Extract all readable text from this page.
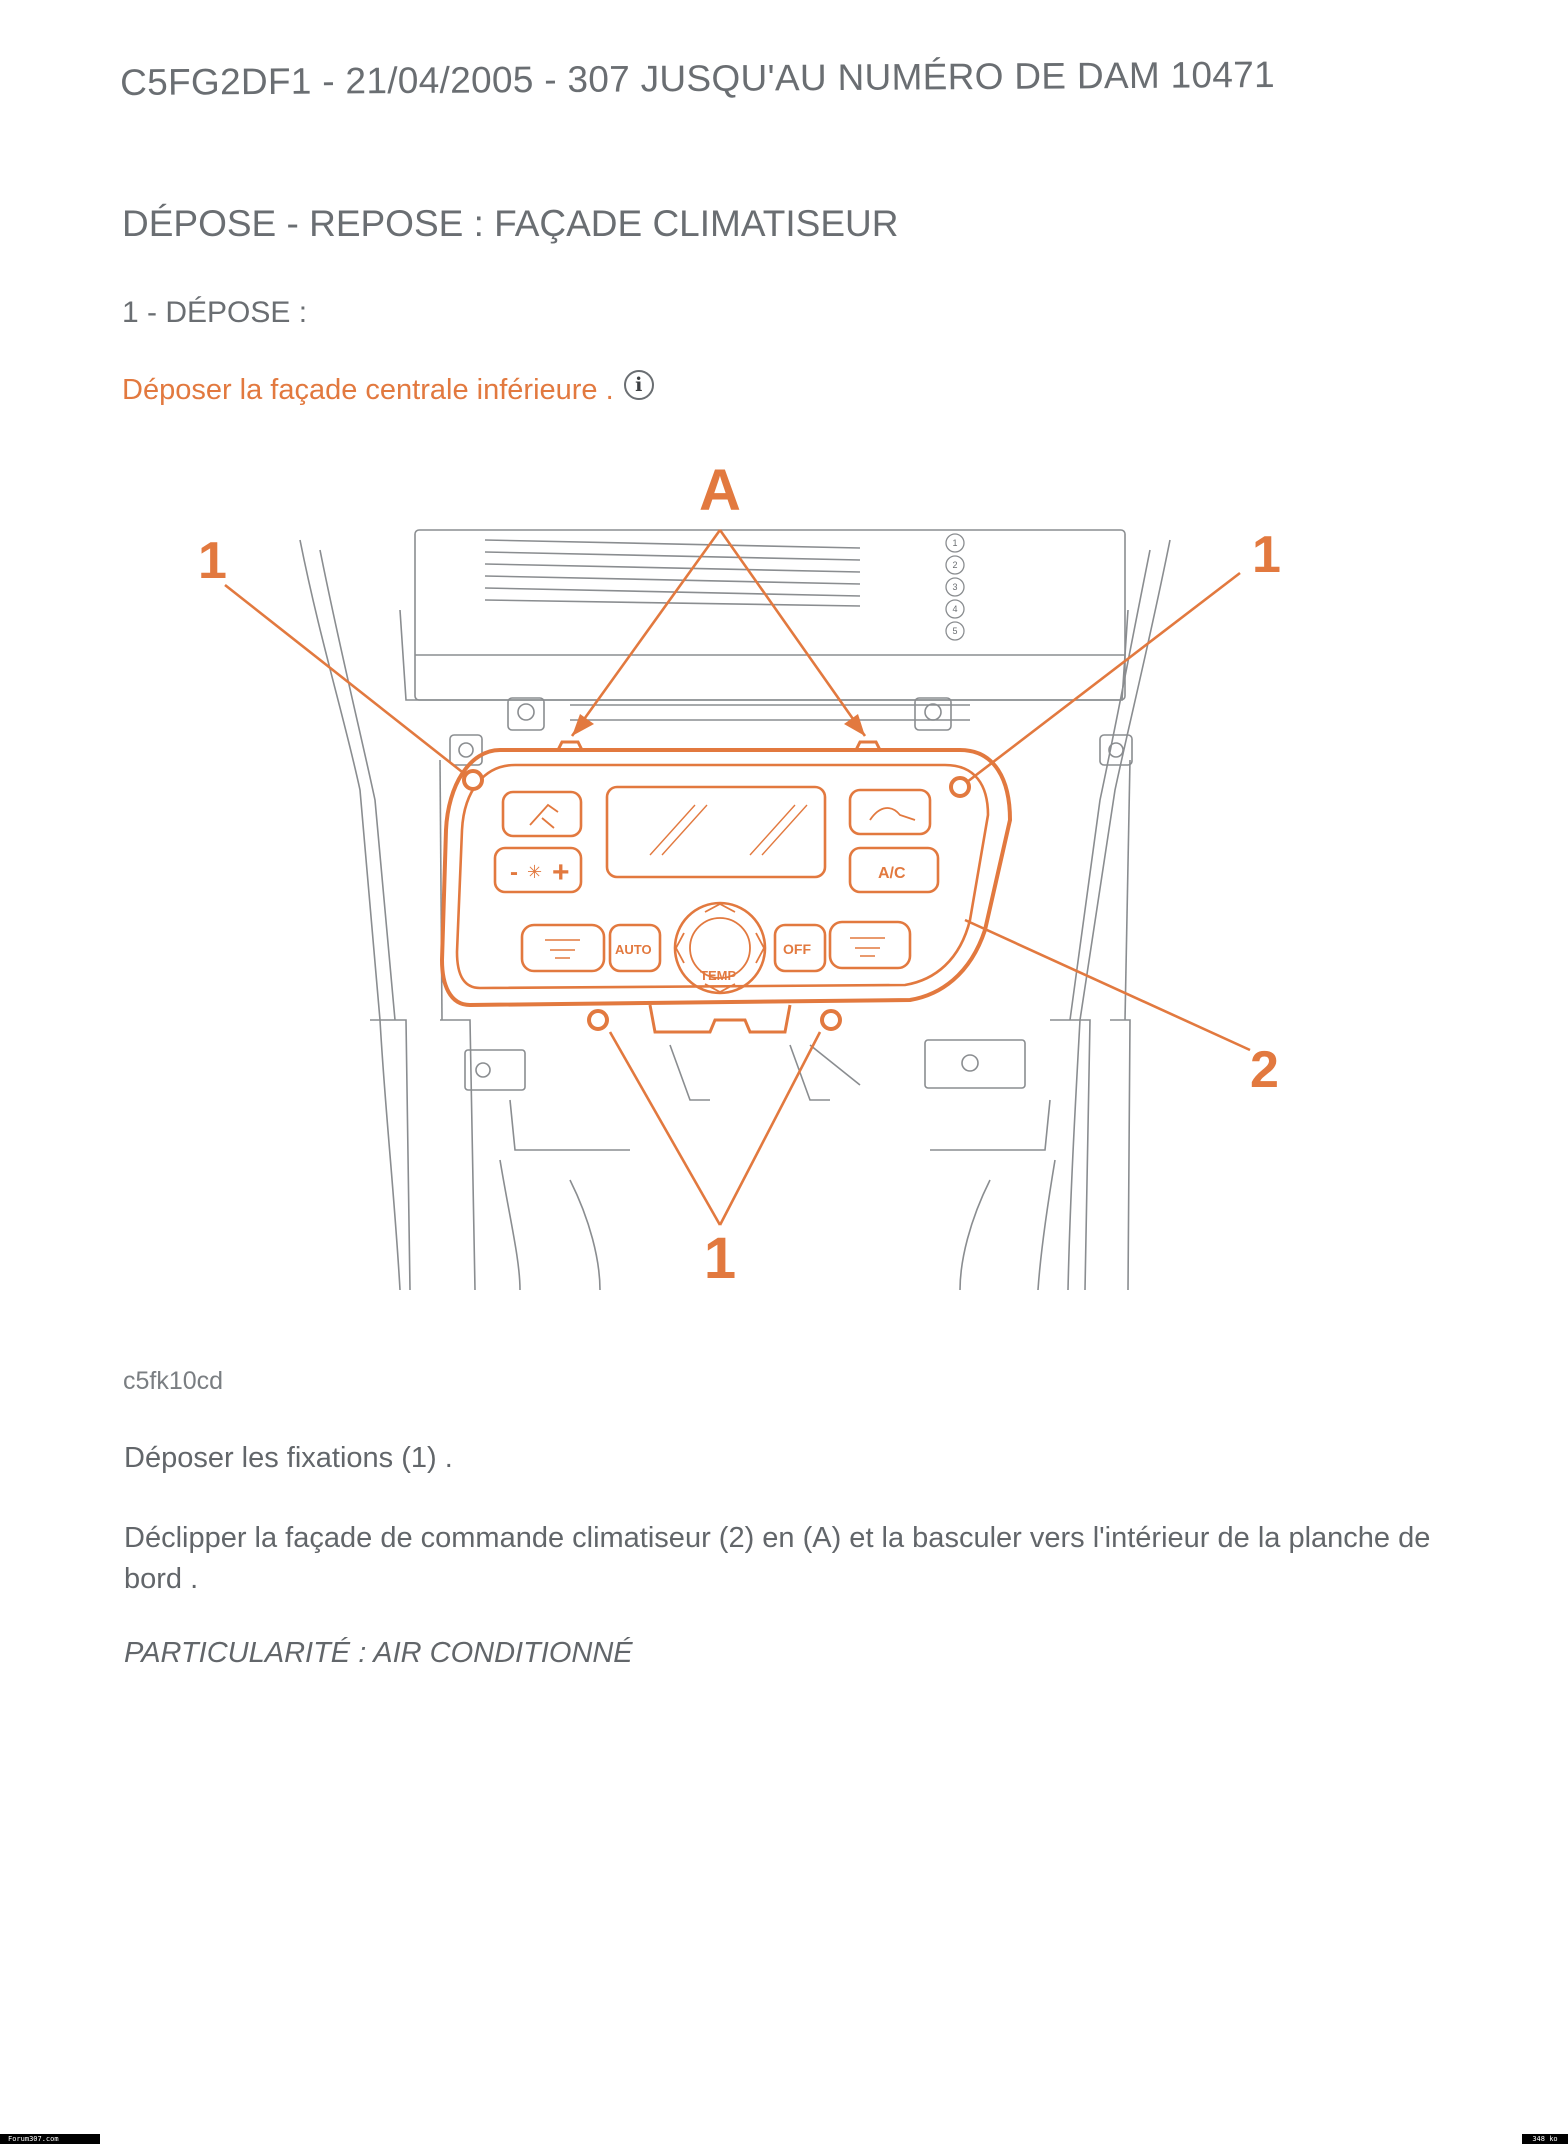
C5FG2DF1 - 21/04/2005 - 307 JUSQU'AU NUMÉRO DE DAM 10471
DÉPOSE - REPOSE : FAÇADE CLIMATISEUR
1 - DÉPOSE :
Déposer la façade centrale inférieure .	i
1
2
3
4
5
- ✳ +	A/C
AUTO
TEMP
OFF
A
1	1
2
1
c5fk10cd
Déposer les fixations (1) .
Déclipper la façade de commande climatiseur (2) en (A) et la basculer vers l'intérieur de la planche de bord .
PARTICULARITÉ : AIR CONDITIONNÉ
Forum307.com	348 ko
